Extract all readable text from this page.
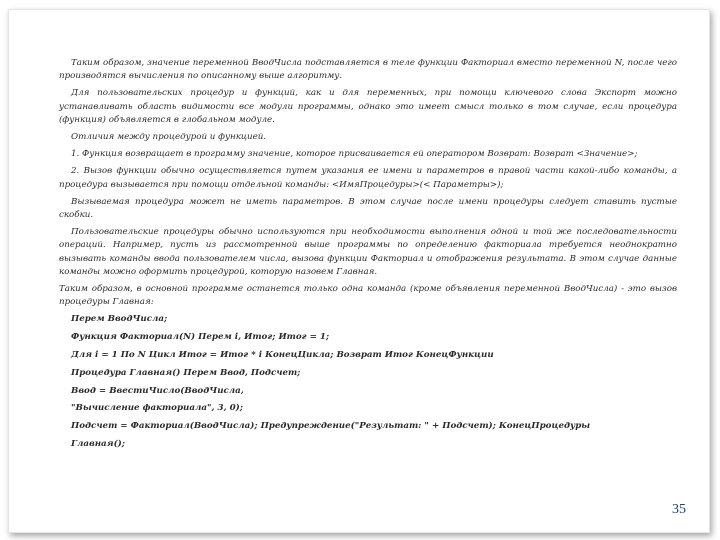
Таким образом, значение переменной ВводЧисла подставляется в теле функции Факториал вместо переменной N, после чего производятся вычисления по описанному выше алгоритму.

Для пользовательских процедур и функций, как и для переменных, при помощи ключевого слова Экспорт можно устанавливать область видимости все модули программы, однако это имеет смысл только в том случае, если процедура (функция) объявляется в глобальном модуле.

Отличия между процедурой и функцией.

1. Функция возвращает в программу значение, которое присваивается ей оператором Возврат: Возврат <Значение>;

2. Вызов функции обычно осуществляется путем указания ее имени и параметров в правой части какой-либо команды, а процедура вызывается при помощи отдельной команды: <ИмяПроцедуры>(< Параметры>);

Вызываемая процедура может не иметь параметров. В этом случае после имени процедуры следует ставить пустые скобки.

Пользовательские процедуры обычно используются при необходимости выполнения одной и той же последовательности операций. Например, пусть из рассмотренной выше программы по определению факториала требуется неоднократно вызывать команды ввода пользователем числа, вызова функции Факториал и отображения результата. В этом случае данные команды можно оформить процедурой, которую назовем Главная.

Таким образом, в основной программе останется только одна команда (кроме объявления переменной ВводЧисла) - это вызов процедуры Главная:

Перем ВводЧисла;

Функция Факториал(N) Перем i, Итог; Итог = 1;

Для i = 1 По N Цикл Итог = Итог * i КонецЦикла; Возврат Итог КонецФункции

Процедура Главная() Перем Ввод, Подсчет;

Ввод = ВвестиЧисло(ВводЧисла,

"Вычисление факториала", 3, 0);

Подсчет = Факториал(ВводЧисла); Предупреждение("Результат: " + Подсчет); КонецПроцедуры

Главная();

35
